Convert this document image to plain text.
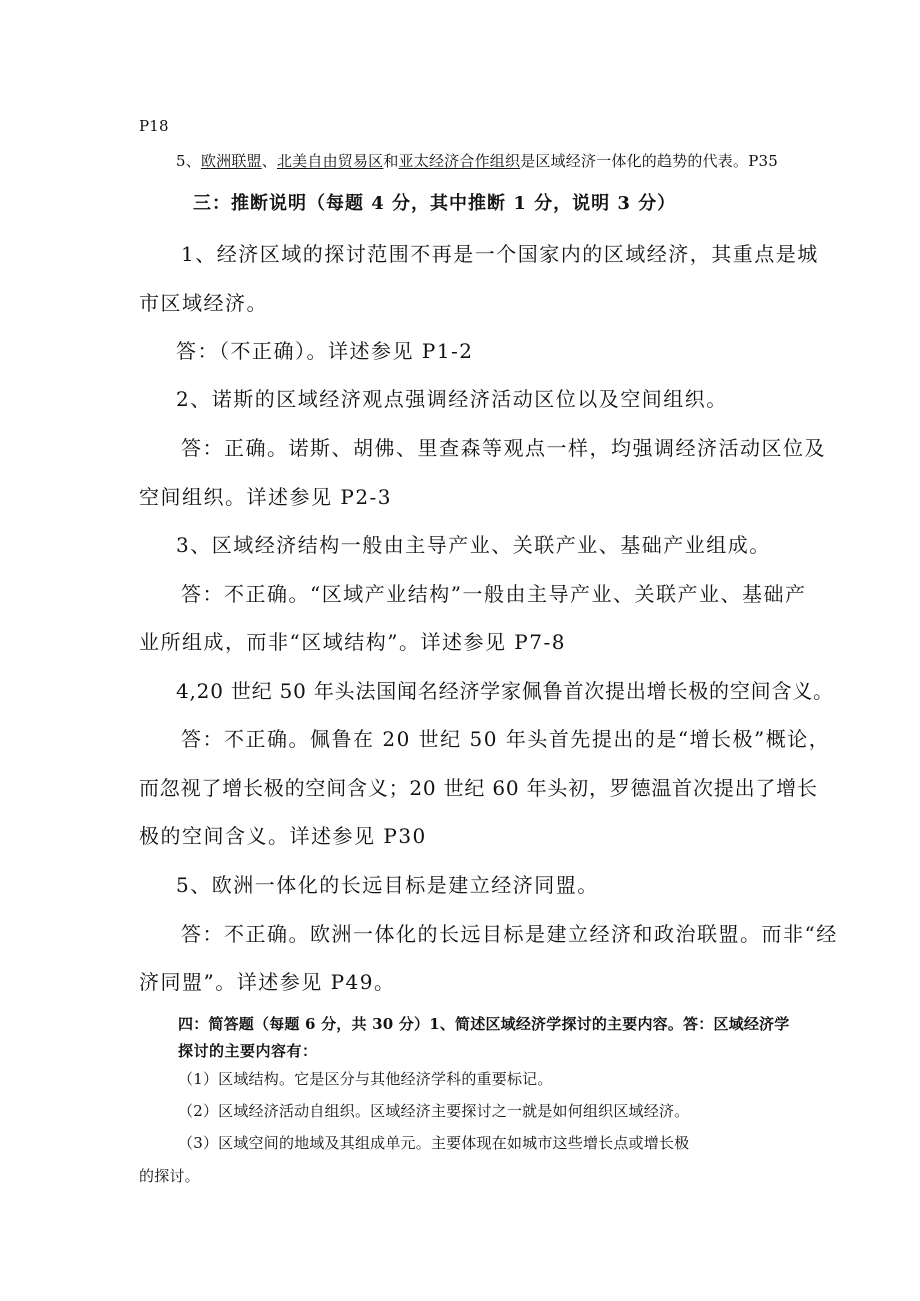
P18
5、欧洲联盟、北美自由贸易区和亚太经济合作组织是区域经济一体化的趋势的代表。P35
三：推断说明（每题 4 分，其中推断 1 分，说明 3 分）
1、经济区域的探讨范围不再是一个国家内的区域经济，其重点是城
市区域经济。
答：（不正确）。详述参见 P1-2
2、诺斯的区域经济观点强调经济活动区位以及空间组织。
答：正确。诺斯、胡佛、里查森等观点一样，均强调经济活动区位及
空间组织。详述参见 P2-3
3、区域经济结构一般由主导产业、关联产业、基础产业组成。
答：不正确。“区域产业结构”一般由主导产业、关联产业、基础产
业所组成，而非“区域结构”。详述参见 P7-8
4,20 世纪 50 年头法国闻名经济学家佩鲁首次提出增长极的空间含义。
答：不正确。佩鲁在 20 世纪 50 年头首先提出的是“增长极”概论，
而忽视了增长极的空间含义；20 世纪 60 年头初，罗德温首次提出了增长
极的空间含义。详述参见 P30
5、欧洲一体化的长远目标是建立经济同盟。
答：不正确。欧洲一体化的长远目标是建立经济和政治联盟。而非“经
济同盟”。详述参见 P49。
四：简答题（每题 6 分，共 30 分）1、简述区域经济学探讨的主要内容。答：区域经济学
探讨的主要内容有：
（1）区域结构。它是区分与其他经济学科的重要标记。
（2）区域经济活动自组织。区域经济主要探讨之一就是如何组织区域经济。
（3）区域空间的地域及其组成单元。主要体现在如城市这些增长点或增长极
的探讨。
